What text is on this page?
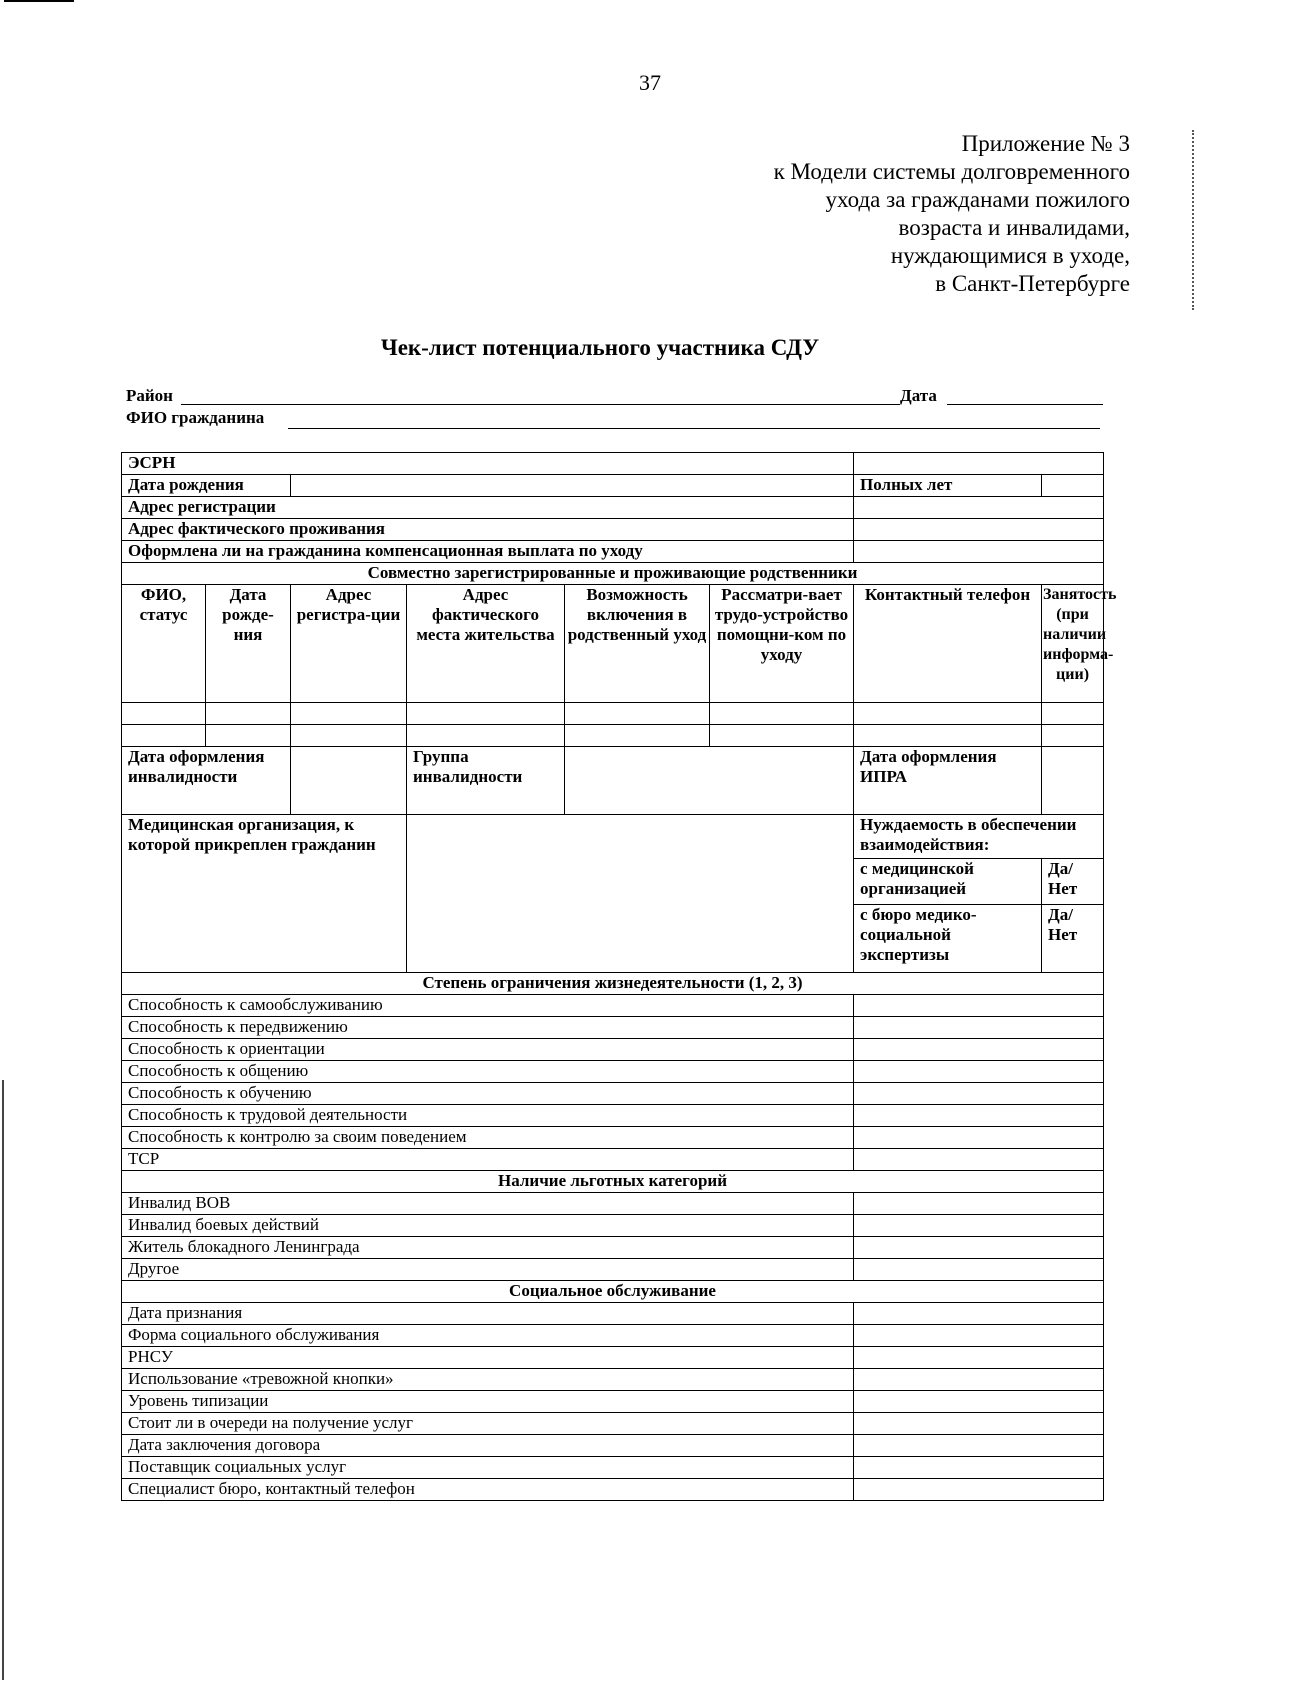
37
Приложение № 3
к Модели системы долговременного
ухода за гражданами пожилого
возраста и инвалидами,
нуждающимися в уходе,
в Санкт-Петербурге
Чек-лист потенциального участника СДУ
Район	Дата
ФИО гражданина
ЭСРН							
Дата рождения						Полных лет	
Адрес регистрации							
Адрес фактического проживания							
Оформлена ли на гражданина компенсационная выплата по уходу							
Совместно зарегистрированные и проживающие родственники							
ФИО, статус	Дата рожде-ния	Адрес регистра-ции	Адрес фактического места жительства	Возможность включения в родственный уход	Рассматри-вает трудо-устройство помощни-ком по уходу	Контактный телефон	Занятость (при наличии информа-ции)

Дата оформления инвалидности			Группа инвалидности			Дата оформления ИПРА	
Медицинская организация, к которой прикреплен гражданин						Нуждаемость в обеспечении взаимодействия:	
						с медицинской организацией	Да/Нет
						с бюро медико-социальной экспертизы	Да/Нет
Степень ограничения жизнедеятельности (1, 2, 3)							
Способность к самообслуживанию							
Способность к передвижению							
Способность к ориентации							
Способность к общению							
Способность к обучению							
Способность к трудовой деятельности							
Способность к контролю за своим поведением							
ТСР							
Наличие льготных категорий							
Инвалид ВОВ							
Инвалид боевых действий							
Житель блокадного Ленинграда							
Другое							
Социальное обслуживание							
Дата признания							
Форма социального обслуживания							
РНСУ							
Использование «тревожной кнопки»							
Уровень типизации							
Стоит ли в очереди на получение услуг							
Дата заключения договора							
Поставщик социальных услуг							
Специалист бюро, контактный телефон							
